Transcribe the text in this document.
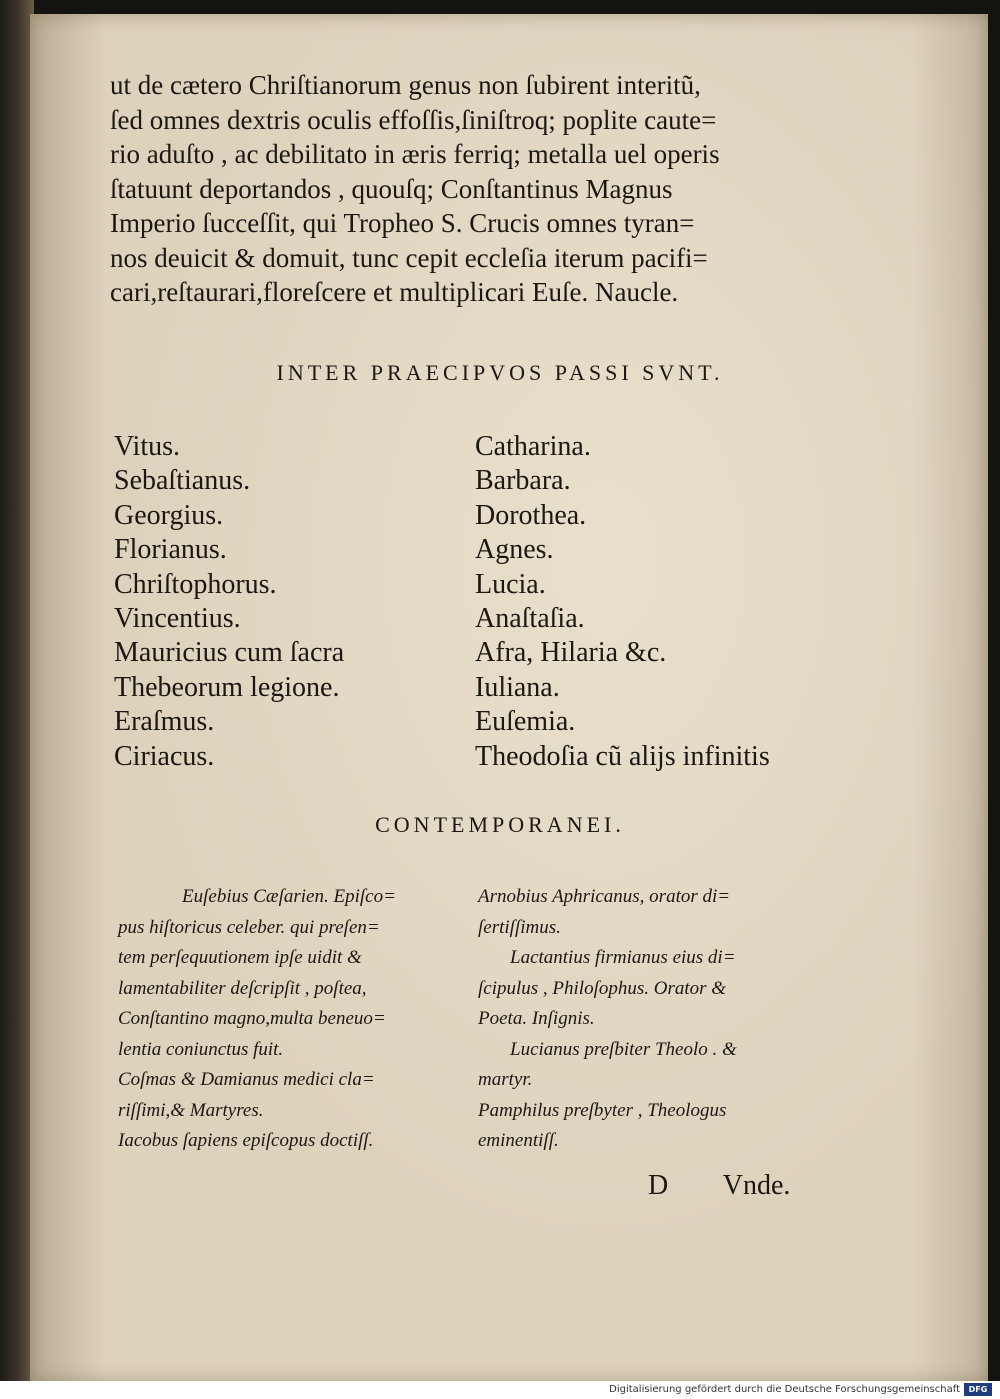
ut de cætero Chriſtianorum genus non ſubirent interitũ,
ſed omnes dextris oculis effoſſis,ſiniſtroq; poplite caute=
rio aduſto , ac debilitato in æris ferriq; metalla uel operis
ſtatuunt deportandos , quouſq; Conſtantinus Magnus
Imperio ſucceſſit, qui Tropheo S. Crucis omnes tyran=
nos deuicit & domuit, tunc cepit eccleſia iterum pacifi=
cari,reſtaurari,floreſcere et multiplicari Euſe. Naucle.
INTER PRAECIPVOS PASSI SVNT.
Vitus.
Sebaſtianus.
Georgius.
Florianus.
Chriſtophorus.
Vincentius.
Mauricius cum ſacra
Thebeorum legione.
Eraſmus.
Ciriacus.
Catharina.
Barbara.
Dorothea.
Agnes.
Lucia.
Anaſtaſia.
Afra, Hilaria &c.
Iuliana.
Euſemia.
Theodoſia cũ alijs infinitis
CONTEMPORANEI.
Euſebius Cæſarien. Epiſco=
pus hiſtoricus celeber. qui preſen=
tem perſequutionem ipſe uidit &
lamentabiliter deſcripſit , poſtea,
Conſtantino magno,multa beneuo=
lentia coniunctus fuit.
Coſmas & Damianus medici cla=
riſſimi,& Martyres.
Iacobus ſapiens epiſcopus doctiſſ.
Arnobius Aphricanus, orator di=
ſertiſſimus.
Lactantius firmianus eius di=
ſcipulus , Philoſophus. Orator &
Poeta. Inſignis.
Lucianus preſbiter Theolo . &
martyr.
Pamphilus preſbyter , Theologus
eminentiſſ.
D Vnde.
Digitalisierung gefördert durch die Deutsche Forschungsgemeinschaft	DFG
